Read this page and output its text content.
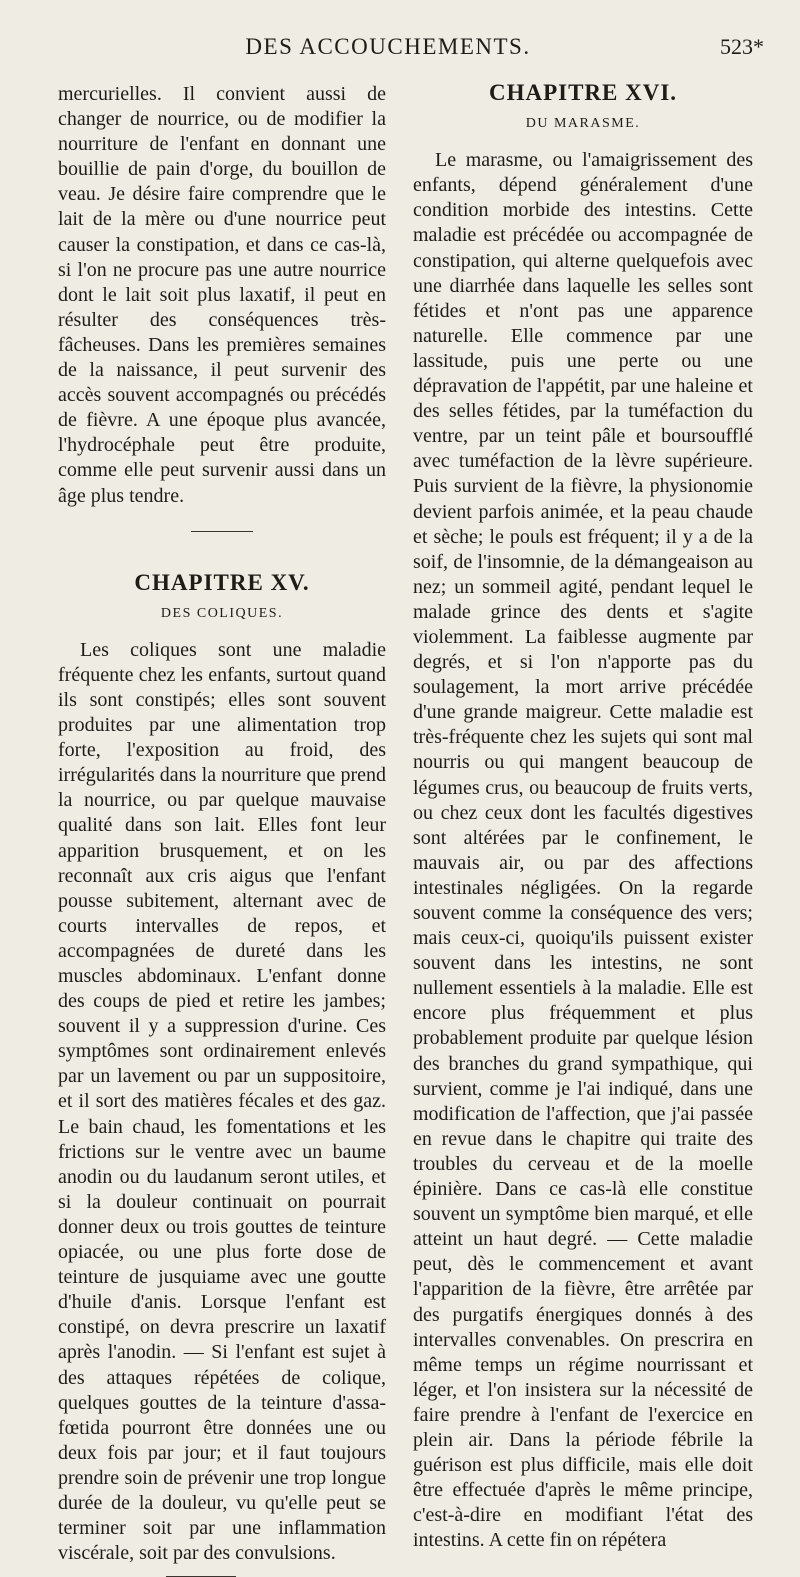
DES ACCOUCHEMENTS.	523*

mercurielles. Il convient aussi de changer de nourrice, ou de modifier la nourriture de l'enfant en donnant une bouillie de pain d'orge, du bouillon de veau. Je désire faire comprendre que le lait de la mère ou d'une nourrice peut causer la constipation, et dans ce cas-là, si l'on ne procure pas une autre nourrice dont le lait soit plus laxatif, il peut en résulter des conséquences très-fâcheuses. Dans les premières semaines de la naissance, il peut survenir des accès souvent accompagnés ou précédés de fièvre. A une époque plus avancée, l'hydrocéphale peut être produite, comme elle peut survenir aussi dans un âge plus tendre.

CHAPITRE XV.
DES COLIQUES.

Les coliques sont une maladie fréquente chez les enfants, surtout quand ils sont constipés; elles sont souvent produites par une alimentation trop forte, l'exposition au froid, des irrégularités dans la nourriture que prend la nourrice, ou par quelque mauvaise qualité dans son lait. Elles font leur apparition brusquement, et on les reconnaît aux cris aigus que l'enfant pousse subitement, alternant avec de courts intervalles de repos, et accompagnées de dureté dans les muscles abdominaux. L'enfant donne des coups de pied et retire les jambes; souvent il y a suppression d'urine. Ces symptômes sont ordinairement enlevés par un lavement ou par un suppositoire, et il sort des matières fécales et des gaz. Le bain chaud, les fomentations et les frictions sur le ventre avec un baume anodin ou du laudanum seront utiles, et si la douleur continuait on pourrait donner deux ou trois gouttes de teinture opiacée, ou une plus forte dose de teinture de jusquiame avec une goutte d'huile d'anis. Lorsque l'enfant est constipé, on devra prescrire un laxatif après l'anodin. — Si l'enfant est sujet à des attaques répétées de colique, quelques gouttes de la teinture d'assa-fœtida pourront être données une ou deux fois par jour; et il faut toujours prendre soin de prévenir une trop longue durée de la douleur, vu qu'elle peut se terminer soit par une inflammation viscérale, soit par des convulsions.

CHAPITRE XVI.
DU MARASME.

Le marasme, ou l'amaigrissement des enfants, dépend généralement d'une condition morbide des intestins. Cette maladie est précédée ou accompagnée de constipation, qui alterne quelquefois avec une diarrhée dans laquelle les selles sont fétides et n'ont pas une apparence naturelle. Elle commence par une lassitude, puis une perte ou une dépravation de l'appétit, par une haleine et des selles fétides, par la tuméfaction du ventre, par un teint pâle et boursoufflé avec tuméfaction de la lèvre supérieure. Puis survient de la fièvre, la physionomie devient parfois animée, et la peau chaude et sèche; le pouls est fréquent; il y a de la soif, de l'insomnie, de la démangeaison au nez; un sommeil agité, pendant lequel le malade grince des dents et s'agite violemment. La faiblesse augmente par degrés, et si l'on n'apporte pas du soulagement, la mort arrive précédée d'une grande maigreur. Cette maladie est très-fréquente chez les sujets qui sont mal nourris ou qui mangent beaucoup de légumes crus, ou beaucoup de fruits verts, ou chez ceux dont les facultés digestives sont altérées par le confinement, le mauvais air, ou par des affections intestinales négligées. On la regarde souvent comme la conséquence des vers; mais ceux-ci, quoiqu'ils puissent exister souvent dans les intestins, ne sont nullement essentiels à la maladie. Elle est encore plus fréquemment et plus probablement produite par quelque lésion des branches du grand sympathique, qui survient, comme je l'ai indiqué, dans une modification de l'affection, que j'ai passée en revue dans le chapitre qui traite des troubles du cerveau et de la moelle épinière. Dans ce cas-là elle constitue souvent un symptôme bien marqué, et elle atteint un haut degré. — Cette maladie peut, dès le commencement et avant l'apparition de la fièvre, être arrêtée par des purgatifs énergiques donnés à des intervalles convenables. On prescrira en même temps un régime nourrissant et léger, et l'on insistera sur la nécessité de faire prendre à l'enfant de l'exercice en plein air. Dans la période fébrile la guérison est plus difficile, mais elle doit être effectuée d'après le même principe, c'est-à-dire en modifiant l'état des intestins. A cette fin on répétera
